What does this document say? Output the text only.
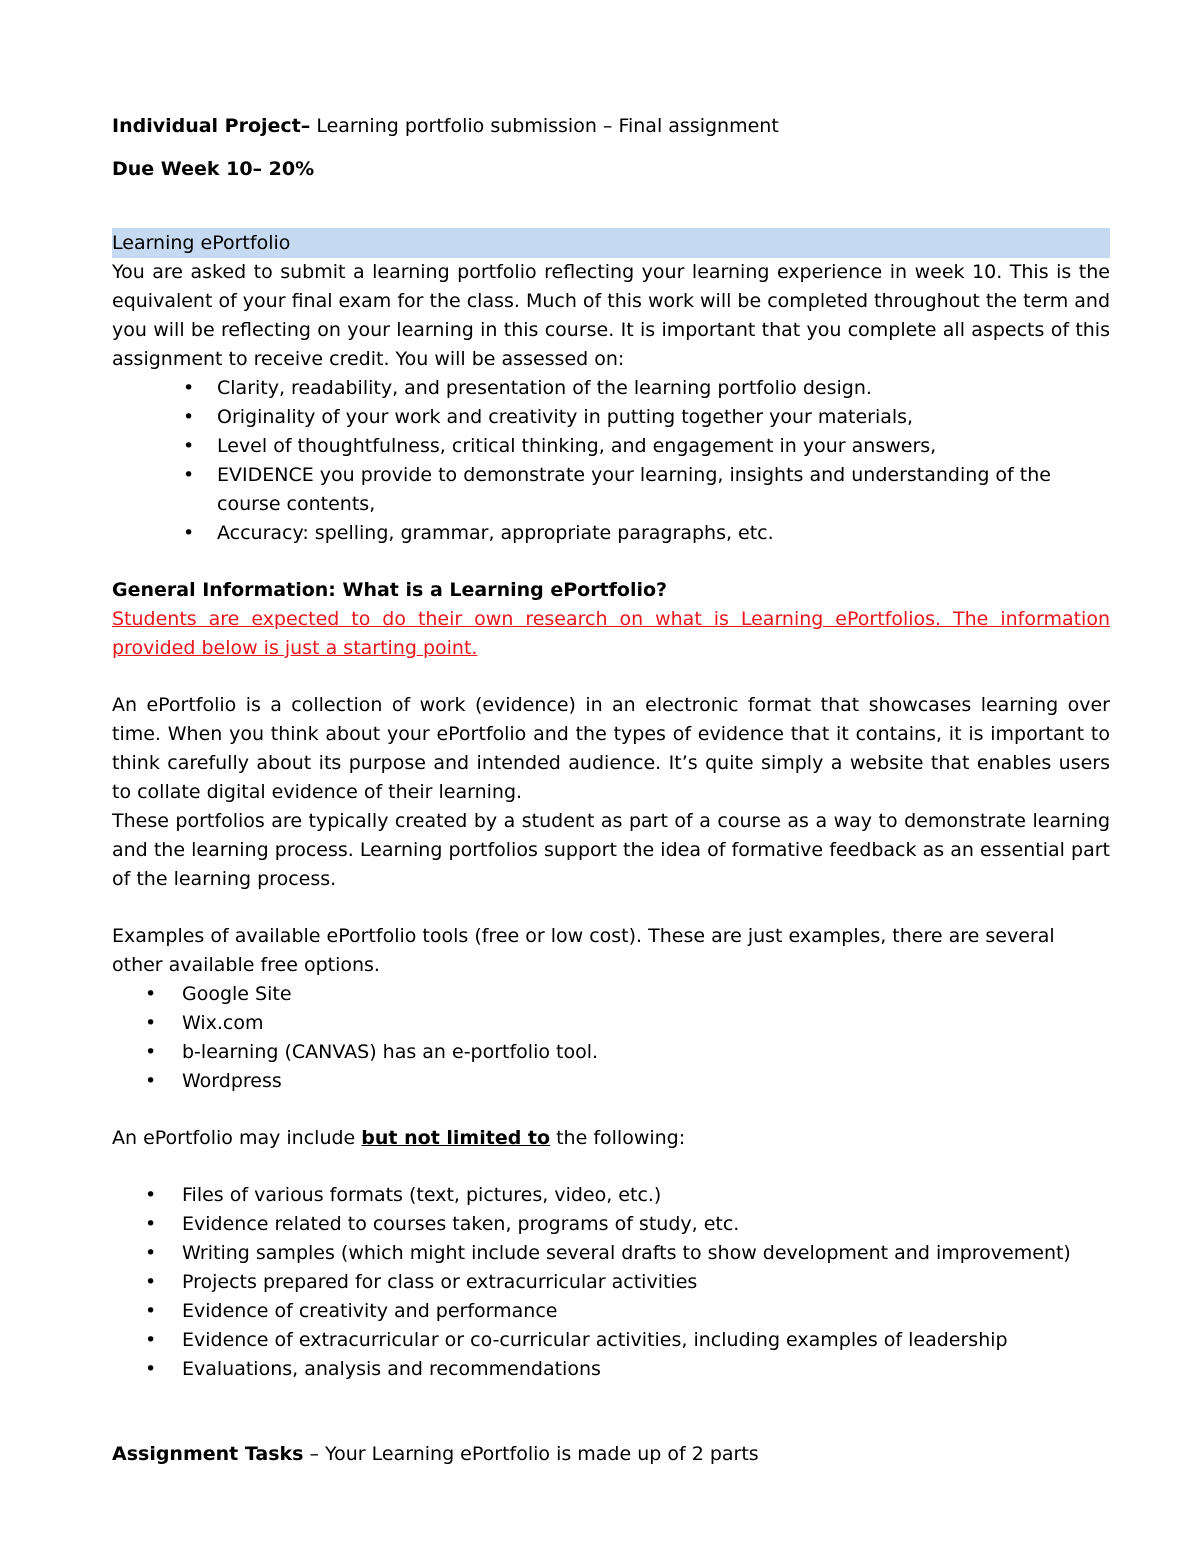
Individual Project– Learning portfolio submission – Final assignment

Due Week 10– 20%

Learning ePortfolio

You are asked to submit a learning portfolio reflecting your learning experience in week 10. This is the equivalent of your final exam for the class. Much of this work will be completed throughout the term and you will be reflecting on your learning in this course. It is important that you complete all aspects of this assignment to receive credit. You will be assessed on:

• Clarity, readability, and presentation of the learning portfolio design.
• Originality of your work and creativity in putting together your materials,
• Level of thoughtfulness, critical thinking, and engagement in your answers,
• EVIDENCE you provide to demonstrate your learning, insights and understanding of the course contents,
• Accuracy: spelling, grammar, appropriate paragraphs, etc.

General Information: What is a Learning ePortfolio?

Students are expected to do their own research on what is Learning ePortfolios. The information provided below is just a starting point.

An ePortfolio is a collection of work (evidence) in an electronic format that showcases learning over time. When you think about your ePortfolio and the types of evidence that it contains, it is important to think carefully about its purpose and intended audience. It’s quite simply a website that enables users to collate digital evidence of their learning.

These portfolios are typically created by a student as part of a course as a way to demonstrate learning and the learning process. Learning portfolios support the idea of formative feedback as an essential part of the learning process.

Examples of available ePortfolio tools (free or low cost). These are just examples, there are several other available free options.

• Google Site
• Wix.com
• b-learning (CANVAS) has an e-portfolio tool.
• Wordpress

An ePortfolio may include but not limited to the following:

• Files of various formats (text, pictures, video, etc.)
• Evidence related to courses taken, programs of study, etc.
• Writing samples (which might include several drafts to show development and improvement)
• Projects prepared for class or extracurricular activities
• Evidence of creativity and performance
• Evidence of extracurricular or co-curricular activities, including examples of leadership
• Evaluations, analysis and recommendations

Assignment Tasks – Your Learning ePortfolio is made up of 2 parts
